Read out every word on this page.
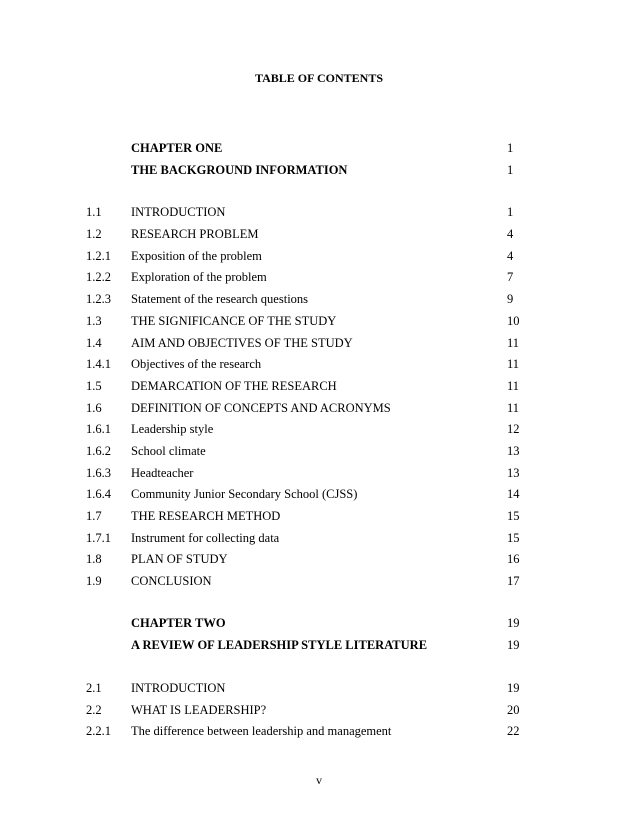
TABLE OF CONTENTS
CHAPTER ONE	1
THE BACKGROUND INFORMATION	1
1.1 INTRODUCTION	1
1.2 RESEARCH PROBLEM	4
1.2.1 Exposition of the problem	4
1.2.2 Exploration of the problem	7
1.2.3 Statement of the research questions	9
1.3 THE SIGNIFICANCE OF THE STUDY	10
1.4 AIM AND OBJECTIVES OF THE STUDY	11
1.4.1 Objectives of the research	11
1.5 DEMARCATION OF THE RESEARCH	11
1.6 DEFINITION OF CONCEPTS AND ACRONYMS	11
1.6.1 Leadership style	12
1.6.2 School climate	13
1.6.3 Headteacher	13
1.6.4 Community Junior Secondary School (CJSS)	14
1.7 THE RESEARCH METHOD	15
1.7.1 Instrument for collecting data	15
1.8 PLAN OF STUDY	16
1.9 CONCLUSION	17
CHAPTER TWO	19
A REVIEW OF LEADERSHIP STYLE LITERATURE	19
2.1 INTRODUCTION	19
2.2 WHAT IS LEADERSHIP?	20
2.2.1 The difference between leadership and management	22
v
